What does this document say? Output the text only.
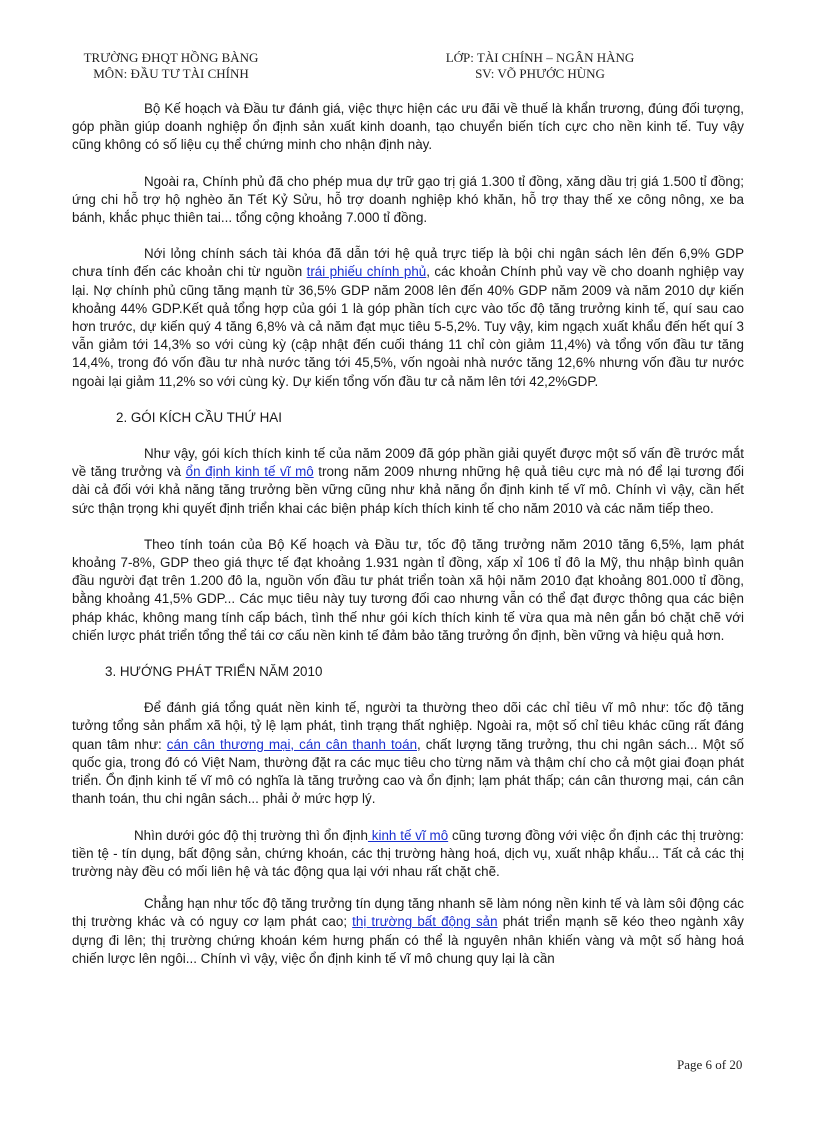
TRƯỜNG ĐHQT HỒNG BÀNG
MÔN: ĐẦU TƯ TÀI CHÍNH
LỚP: TÀI CHÍNH – NGÂN HÀNG
SV: VÕ PHƯỚC HÙNG

Bộ Kế hoạch và Đầu tư đánh giá, việc thực hiện các ưu đãi về thuế là khẩn trương, đúng đối tượng, góp phần giúp doanh nghiệp ổn định sản xuất kinh doanh, tạo chuyển biến tích cực cho nền kinh tế. Tuy vậy cũng không có số liệu cụ thể chứng minh cho nhận định này.

Ngoài ra, Chính phủ đã cho phép mua dự trữ gạo trị giá 1.300 tỉ đồng, xăng dầu trị giá 1.500 tỉ đồng; ứng chi hỗ trợ hộ nghèo ăn Tết Kỷ Sửu, hỗ trợ doanh nghiệp khó khăn, hỗ trợ thay thế xe công nông, xe ba bánh, khắc phục thiên tai... tổng cộng khoảng 7.000 tỉ đồng.

Nới lỏng chính sách tài khóa đã dẫn tới hệ quả trực tiếp là bội chi ngân sách lên đến 6,9% GDP chưa tính đến các khoản chi từ nguồn trái phiếu chính phủ, các khoản Chính phủ vay về cho doanh nghiệp vay lại. Nợ chính phủ cũng tăng mạnh từ 36,5% GDP năm 2008 lên đến 40% GDP năm 2009 và năm 2010 dự kiến khoảng 44% GDP.Kết quả tổng hợp của gói 1 là góp phần tích cực vào tốc độ tăng trưởng kinh tế, quí sau cao hơn trước, dự kiến quý 4 tăng 6,8% và cả năm đạt mục tiêu 5-5,2%. Tuy vậy, kim ngạch xuất khẩu đến hết quí 3 vẫn giảm tới 14,3% so với cùng kỳ (cập nhật đến cuối tháng 11 chỉ còn giảm 11,4%) và tổng vốn đầu tư tăng 14,4%, trong đó vốn đầu tư nhà nước tăng tới 45,5%, vốn ngoài nhà nước tăng 12,6% nhưng vốn đầu tư nước ngoài lại giảm 11,2% so với cùng kỳ. Dự kiến tổng vốn đầu tư cả năm lên tới 42,2%GDP.

2. GÓI KÍCH CẦU THỨ HAI

Như vậy, gói kích thích kinh tế của năm 2009 đã góp phần giải quyết được một số vấn đề trước mắt về tăng trưởng và ổn định kinh tế vĩ mô trong năm 2009 nhưng những hệ quả tiêu cực mà nó để lại tương đối dài cả đối với khả năng tăng trưởng bền vững cũng như khả năng ổn định kinh tế vĩ mô. Chính vì vậy, cần hết sức thận trọng khi quyết định triển khai các biện pháp kích thích kinh tế cho năm 2010 và các năm tiếp theo.

Theo tính toán của Bộ Kế hoạch và Đầu tư, tốc độ tăng trưởng năm 2010 tăng 6,5%, lạm phát khoảng 7-8%, GDP theo giá thực tế đạt khoảng 1.931 ngàn tỉ đồng, xấp xỉ 106 tỉ đô la Mỹ, thu nhập bình quân đầu người đạt trên 1.200 đô la, nguồn vốn đầu tư phát triển toàn xã hội năm 2010 đạt khoảng 801.000 tỉ đồng, bằng khoảng 41,5% GDP... Các mục tiêu này tuy tương đối cao nhưng vẫn có thể đạt được thông qua các biện pháp khác, không mang tính cấp bách, tình thế như gói kích thích kinh tế vừa qua mà nên gắn bó chặt chẽ với chiến lược phát triển tổng thể tái cơ cấu nền kinh tế đảm bảo tăng trưởng ổn định, bền vững và hiệu quả hơn.

3. HƯỚNG PHÁT TRIỂN NĂM 2010

Để đánh giá tổng quát nền kinh tế, người ta thường theo dõi các chỉ tiêu vĩ mô như: tốc độ tăng tưởng tổng sản phẩm xã hội, tỷ lệ lạm phát, tình trạng thất nghiệp. Ngoài ra, một số chỉ tiêu khác cũng rất đáng quan tâm như: cán cân thương mại, cán cân thanh toán, chất lượng tăng trưởng, thu chi ngân sách... Một số quốc gia, trong đó có Việt Nam, thường đặt ra các mục tiêu cho từng năm và thậm chí cho cả một giai đoạn phát triển. Ổn định kinh tế vĩ mô có nghĩa là tăng trưởng cao và ổn định; lạm phát thấp; cán cân thương mại, cán cân thanh toán, thu chi ngân sách... phải ở mức hợp lý.

Nhìn dưới góc độ thị trường thì ổn định kinh tế vĩ mô cũng tương đồng với việc ổn định các thị trường: tiền tệ - tín dụng, bất động sản, chứng khoán, các thị trường hàng hoá, dịch vụ, xuất nhập khẩu... Tất cả các thị trường này đều có mối liên hệ và tác động qua lại với nhau rất chặt chẽ.

Chẳng hạn như tốc độ tăng trưởng tín dụng tăng nhanh sẽ làm nóng nền kinh tế và làm sôi động các thị trường khác và có nguy cơ lạm phát cao; thị trường bất động sản phát triển mạnh sẽ kéo theo ngành xây dựng đi lên; thị trường chứng khoán kém hưng phấn có thể là nguyên nhân khiến vàng và một số hàng hoá chiến lược lên ngôi... Chính vì vậy, việc ổn định kinh tế vĩ mô chung quy lại là cần

Page 6 of 20
